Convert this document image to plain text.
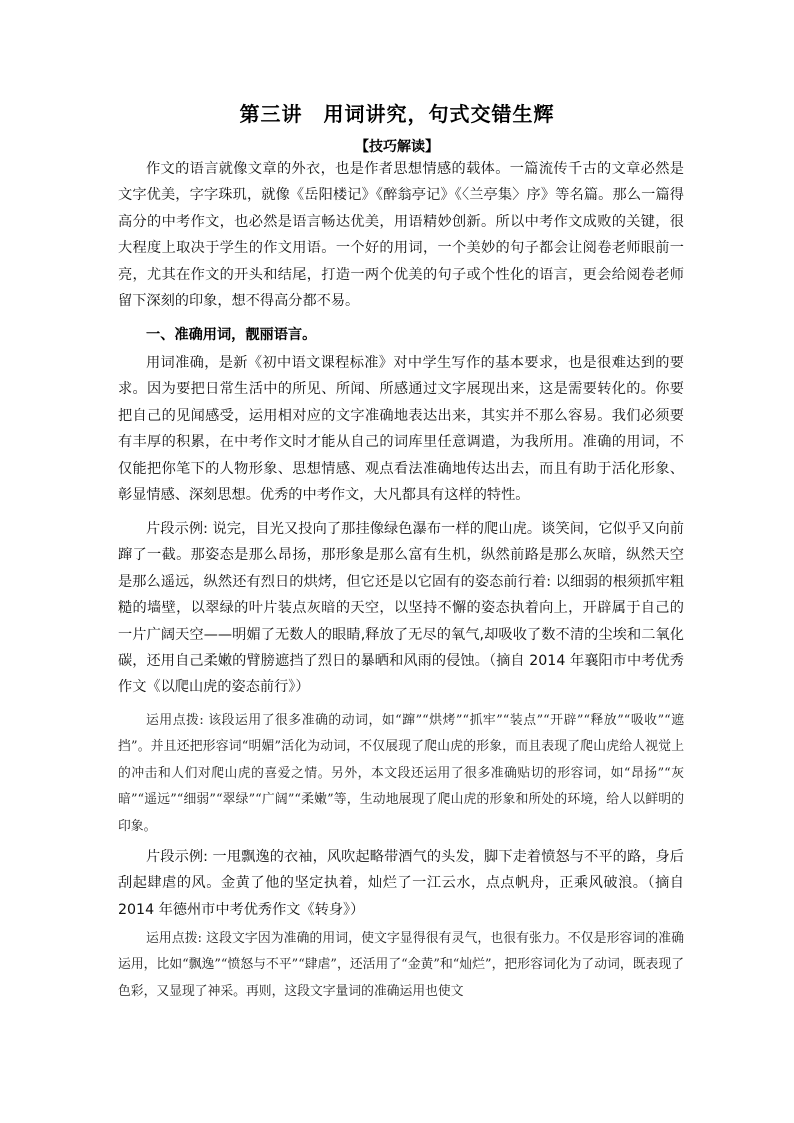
第三讲　用词讲究，句式交错生辉
【技巧解读】

作文的语言就像文章的外衣，也是作者思想情感的载体。一篇流传千古的文章必然是文字优美，字字珠玑，就像《岳阳楼记》《醉翁亭记》《〈兰亭集〉序》等名篇。那么一篇得高分的中考作文，也必然是语言畅达优美，用语精妙创新。所以中考作文成败的关键，很大程度上取决于学生的作文用语。一个好的用词，一个美妙的句子都会让阅卷老师眼前一亮，尤其在作文的开头和结尾，打造一两个优美的句子或个性化的语言，更会给阅卷老师留下深刻的印象，想不得高分都不易。

一、准确用词，靓丽语言。

用词准确，是新《初中语文课程标准》对中学生写作的基本要求，也是很难达到的要求。因为要把日常生活中的所见、所闻、所感通过文字展现出来，这是需要转化的。你要把自己的见闻感受，运用相对应的文字准确地表达出来，其实并不那么容易。我们必须要有丰厚的积累，在中考作文时才能从自己的词库里任意调遣，为我所用。准确的用词，不仅能把你笔下的人物形象、思想情感、观点看法准确地传达出去，而且有助于活化形象、彰显情感、深刻思想。优秀的中考作文，大凡都具有这样的特性。

片段示例: 说完，目光又投向了那挂像绿色瀑布一样的爬山虎。谈笑间，它似乎又向前蹿了一截。那姿态是那么昂扬，那形象是那么富有生机，纵然前路是那么灰暗，纵然天空是那么遥远，纵然还有烈日的烘烤，但它还是以它固有的姿态前行着: 以细弱的根须抓牢粗糙的墙壁，以翠绿的叶片装点灰暗的天空，以坚持不懈的姿态执着向上，开辟属于自己的一片广阔天空——明媚了无数人的眼睛,释放了无尽的氧气,却吸收了数不清的尘埃和二氧化碳，还用自己柔嫩的臂膀遮挡了烈日的暴晒和风雨的侵蚀。（摘自 2014 年襄阳市中考优秀作文《以爬山虎的姿态前行》）

运用点拨: 该段运用了很多准确的动词，如“蹿”“烘烤”“抓牢”“装点”“开辟”“释放”“吸收”“遮挡”。并且还把形容词“明媚”活化为动词，不仅展现了爬山虎的形象，而且表现了爬山虎给人视觉上的冲击和人们对爬山虎的喜爱之情。另外，本文段还运用了很多准确贴切的形容词，如“昂扬”“灰暗”“遥远”“细弱”“翠绿”“广阔”“柔嫩”等，生动地展现了爬山虎的形象和所处的环境，给人以鲜明的印象。

片段示例: 一甩飘逸的衣袖，风吹起略带酒气的头发，脚下走着愤怒与不平的路，身后刮起肆虐的风。金黄了他的坚定执着，灿烂了一江云水，点点帆舟，正乘风破浪。（摘自 2014 年德州市中考优秀作文《转身》）

运用点拨: 这段文字因为准确的用词，使文字显得很有灵气，也很有张力。不仅是形容词的准确运用，比如“飘逸”“愤怒与不平”“肆虐”，还活用了“金黄”和“灿烂”，把形容词化为了动词，既表现了色彩，又显现了神采。再则，这段文字量词的准确运用也使文
